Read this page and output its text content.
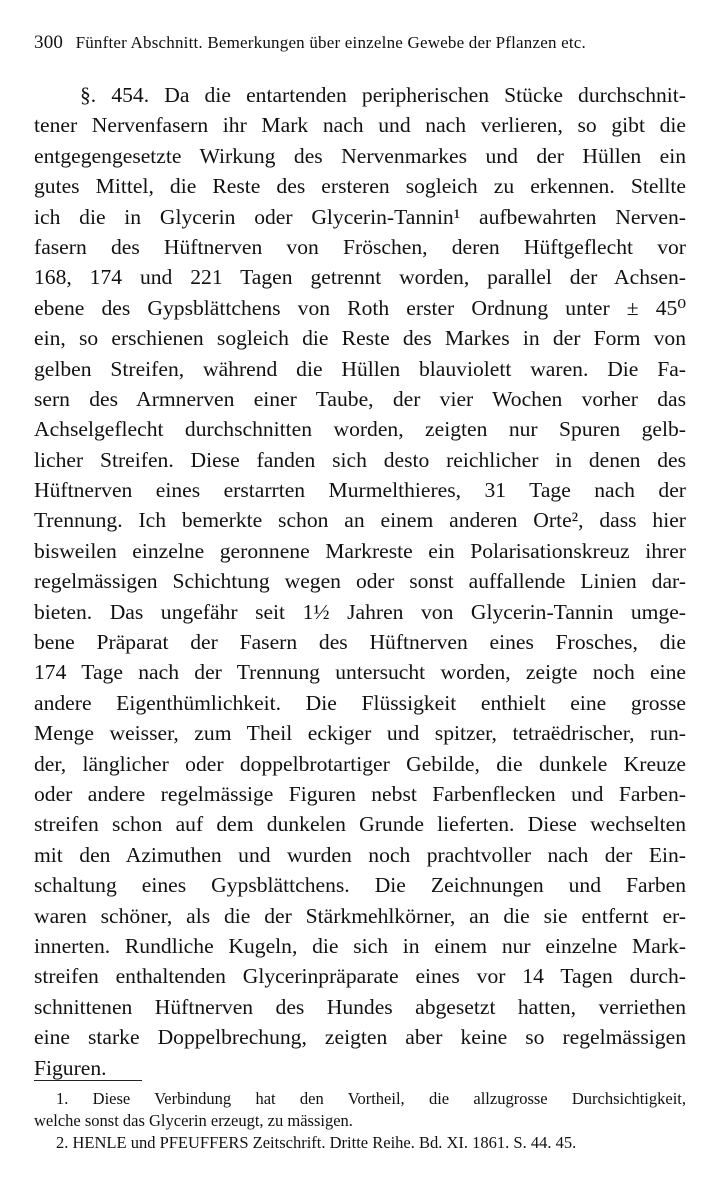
300 Fünfter Abschnitt. Bemerkungen über einzelne Gewebe der Pflanzen etc.
§. 454. Da die entartenden peripherischen Stücke durchschnit-
tener Nervenfasern ihr Mark nach und nach verlieren, so gibt die
entgegengesetzte Wirkung des Nervenmarkes und der Hüllen ein
gutes Mittel, die Reste des ersteren sogleich zu erkennen. Stellte
ich die in Glycerin oder Glycerin-Tannin¹ aufbewahrten Nerven-
fasern des Hüftnerven von Fröschen, deren Hüftgeflecht vor
168, 174 und 221 Tagen getrennt worden, parallel der Achsen-
ebene des Gypsblättchens von Roth erster Ordnung unter ± 45⁰
ein, so erschienen sogleich die Reste des Markes in der Form von
gelben Streifen, während die Hüllen blauviolett waren. Die Fa-
sern des Armnerven einer Taube, der vier Wochen vorher das
Achselgeflecht durchschnitten worden, zeigten nur Spuren gelb-
licher Streifen. Diese fanden sich desto reichlicher in denen des
Hüftnerven eines erstarrten Murmelthieres, 31 Tage nach der
Trennung. Ich bemerkte schon an einem anderen Orte², dass hier
bisweilen einzelne geronnene Markreste ein Polarisationskreuz ihrer
regelmässigen Schichtung wegen oder sonst auffallende Linien dar-
bieten. Das ungefähr seit 1½ Jahren von Glycerin-Tannin umge-
bene Präparat der Fasern des Hüftnerven eines Frosches, die
174 Tage nach der Trennung untersucht worden, zeigte noch eine
andere Eigenthümlichkeit. Die Flüssigkeit enthielt eine grosse
Menge weisser, zum Theil eckiger und spitzer, tetraëdrischer, run-
der, länglicher oder doppelbrotartiger Gebilde, die dunkele Kreuze
oder andere regelmässige Figuren nebst Farbenflecken und Farben-
streifen schon auf dem dunkelen Grunde lieferten. Diese wechselten
mit den Azimuthen und wurden noch prachtvoller nach der Ein-
schaltung eines Gypsblättchens. Die Zeichnungen und Farben
waren schöner, als die der Stärkmehlkörner, an die sie entfernt er-
innerten. Rundliche Kugeln, die sich in einem nur einzelne Mark-
streifen enthaltenden Glycerinpräparate eines vor 14 Tagen durch-
schnittenen Hüftnerven des Hundes abgesetzt hatten, verriethen
eine starke Doppelbrechung, zeigten aber keine so regelmässigen
Figuren.
1. Diese Verbindung hat den Vortheil, die allzugrosse Durchsichtigkeit,
welche sonst das Glycerin erzeugt, zu mässigen.
2. HENLE und PFEUFFERS Zeitschrift. Dritte Reihe. Bd. XI. 1861. S. 44. 45.
